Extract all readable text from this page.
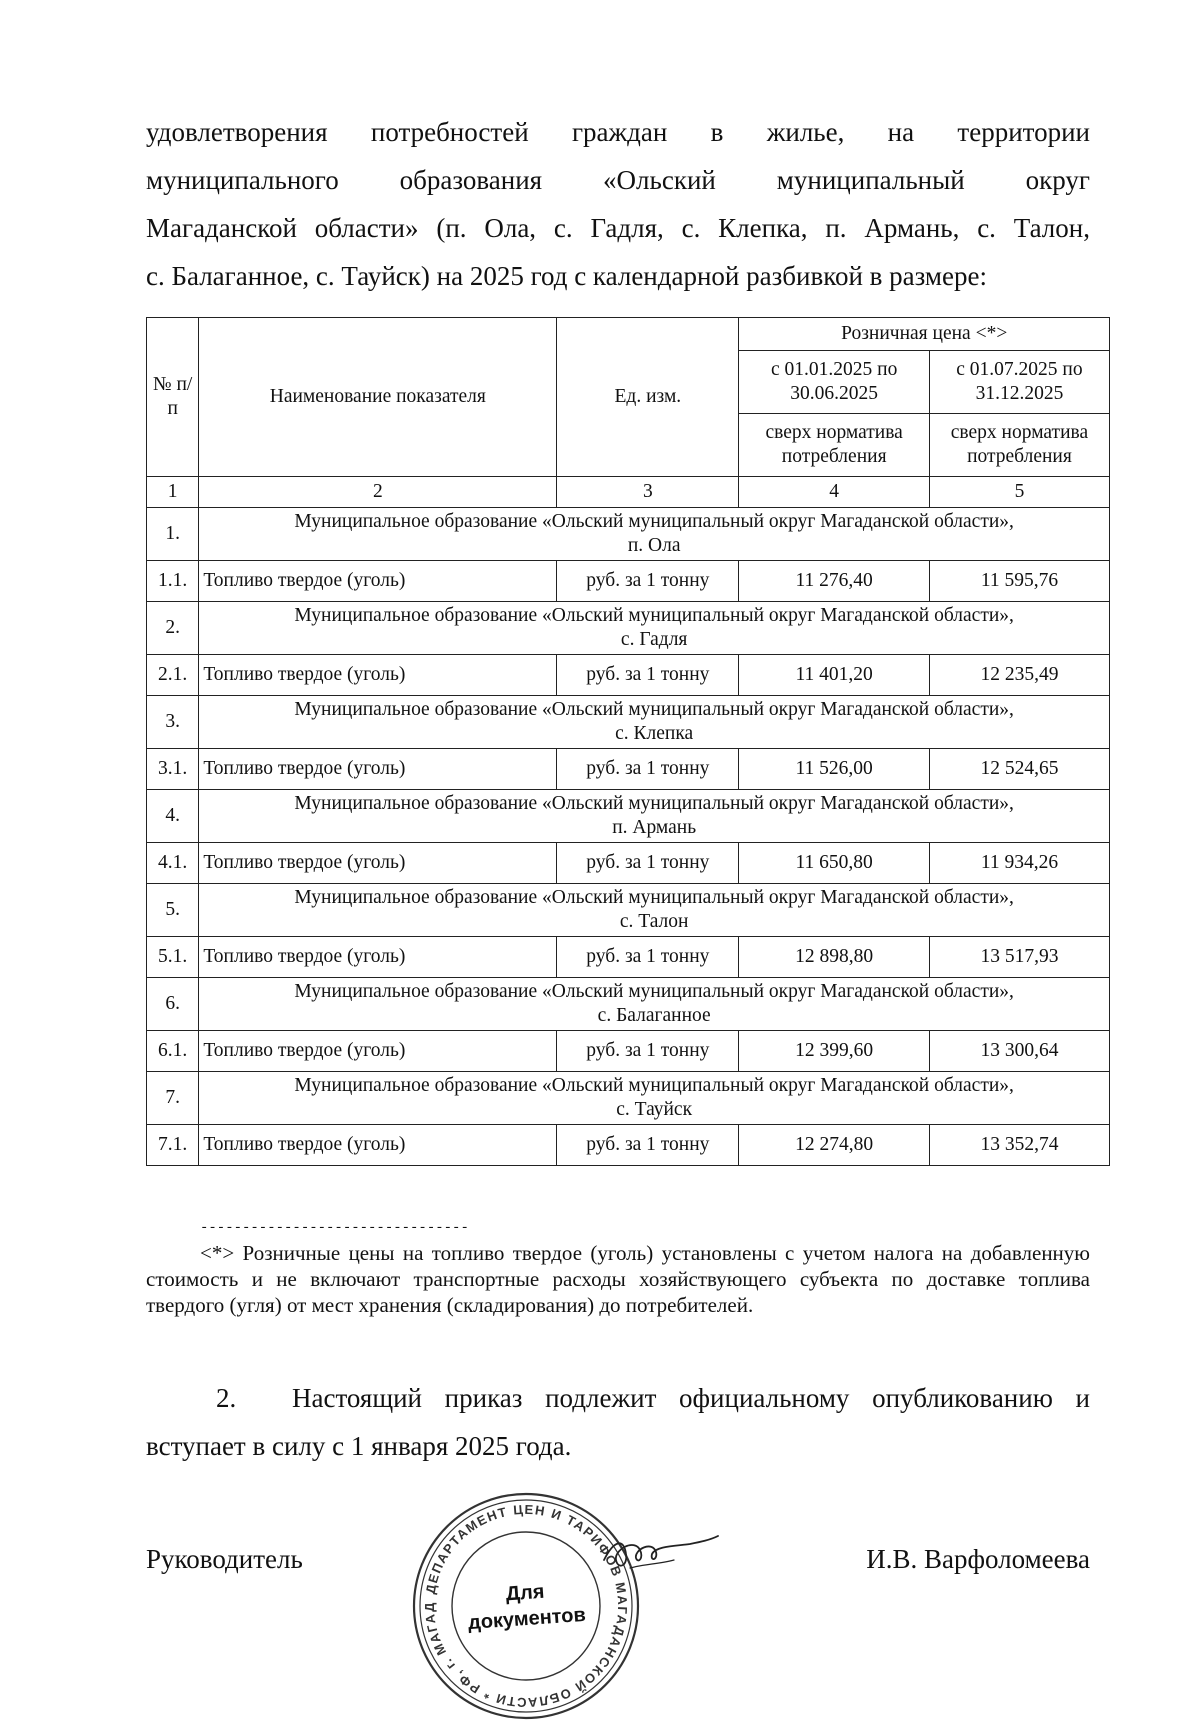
удовлетворения потребностей граждан в жилье, на территории
муниципального образования «Ольский муниципальный округ
Магаданской области» (п. Ола, с. Гадля, с. Клепка, п. Армань, с. Талон,

с. Балаганное, с. Тауйск) на 2025 год с календарной разбивкой в размере:

№ п/п	Наименование показателя	Ед. изм.	Розничная цена <*>	
			с 01.01.2025 по 30.06.2025	с 01.07.2025 по 31.12.2025
			сверх норматива потребления	сверх норматива потребления
1	2	3	4	5
1.	Муниципальное образование «Ольский муниципальный округ Магаданской области»,
п. Ола			
1.1.	Топливо твердое (уголь)	руб. за 1 тонну	11 276,40	11 595,76
2.	Муниципальное образование «Ольский муниципальный округ Магаданской области»,
с. Гадля			
2.1.	Топливо твердое (уголь)	руб. за 1 тонну	11 401,20	12 235,49
3.	Муниципальное образование «Ольский муниципальный округ Магаданской области»,
с. Клепка			
3.1.	Топливо твердое (уголь)	руб. за 1 тонну	11 526,00	12 524,65
4.	Муниципальное образование «Ольский муниципальный округ Магаданской области»,
п. Армань			
4.1.	Топливо твердое (уголь)	руб. за 1 тонну	11 650,80	11 934,26
5.	Муниципальное образование «Ольский муниципальный округ Магаданской области»,
с. Талон			
5.1.	Топливо твердое (уголь)	руб. за 1 тонну	12 898,80	13 517,93
6.	Муниципальное образование «Ольский муниципальный округ Магаданской области»,
с. Балаганное			
6.1.	Топливо твердое (уголь)	руб. за 1 тонну	12 399,60	13 300,64
7.	Муниципальное образование «Ольский муниципальный округ Магаданской области»,
с. Тауйск			
7.1.	Топливо твердое (уголь)	руб. за 1 тонну	12 274,80	13 352,74

--------------------------------

<*> Розничные цены на топливо твердое (уголь) установлены с учетом налога на добавленную стоимость и не включают транспортные расходы хозяйствующего субъекта по доставке топлива твердого (угля) от мест хранения (складирования) до потребителей.

2. Настоящий приказ подлежит официальному опубликованию и вступает в силу с 1 января 2025 года.

Руководитель

ДЕПАРТАМЕНТ ЦЕН И ТАРИФОВ МАГАДАНСКОЙ ОБЛАСТИ * РФ, г. МАГАД
Для
документов

И.В. Варфоломеева
